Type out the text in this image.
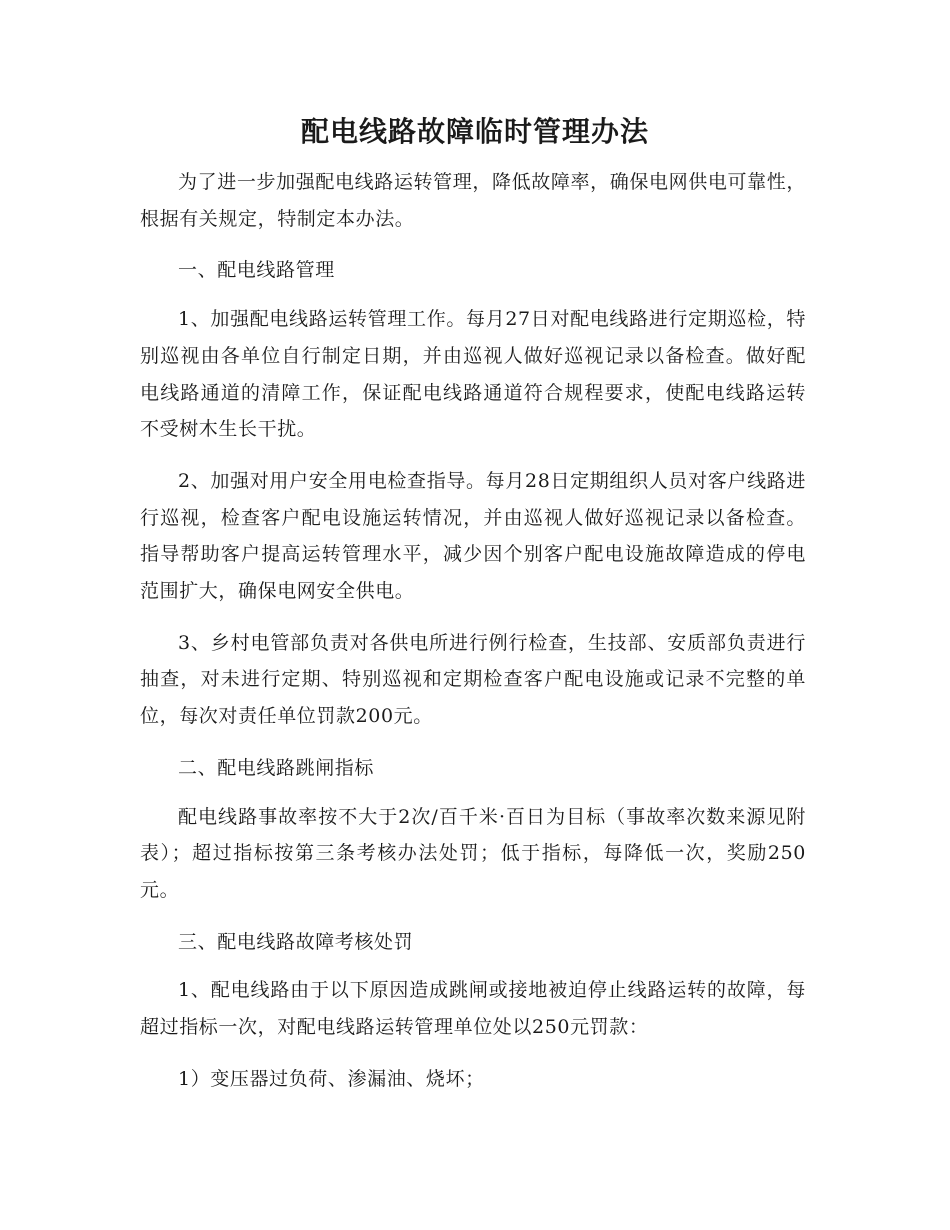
配电线路故障临时管理办法

为了进一步加强配电线路运转管理，降低故障率，确保电网供电可靠性，根据有关规定，特制定本办法。

一、配电线路管理

1、加强配电线路运转管理工作。每月27日对配电线路进行定期巡检，特别巡视由各单位自行制定日期，并由巡视人做好巡视记录以备检查。做好配电线路通道的清障工作，保证配电线路通道符合规程要求，使配电线路运转不受树木生长干扰。

2、加强对用户安全用电检查指导。每月28日定期组织人员对客户线路进行巡视，检查客户配电设施运转情况，并由巡视人做好巡视记录以备检查。指导帮助客户提高运转管理水平，减少因个别客户配电设施故障造成的停电范围扩大，确保电网安全供电。

3、乡村电管部负责对各供电所进行例行检查，生技部、安质部负责进行抽查，对未进行定期、特别巡视和定期检查客户配电设施或记录不完整的单位，每次对责任单位罚款200元。

二、配电线路跳闸指标

配电线路事故率按不大于2次/百千米·百日为目标（事故率次数来源见附表）；超过指标按第三条考核办法处罚；低于指标，每降低一次，奖励250元。

三、配电线路故障考核处罚

1、配电线路由于以下原因造成跳闸或接地被迫停止线路运转的故障，每超过指标一次，对配电线路运转管理单位处以250元罚款：

1）变压器过负荷、渗漏油、烧坏；
